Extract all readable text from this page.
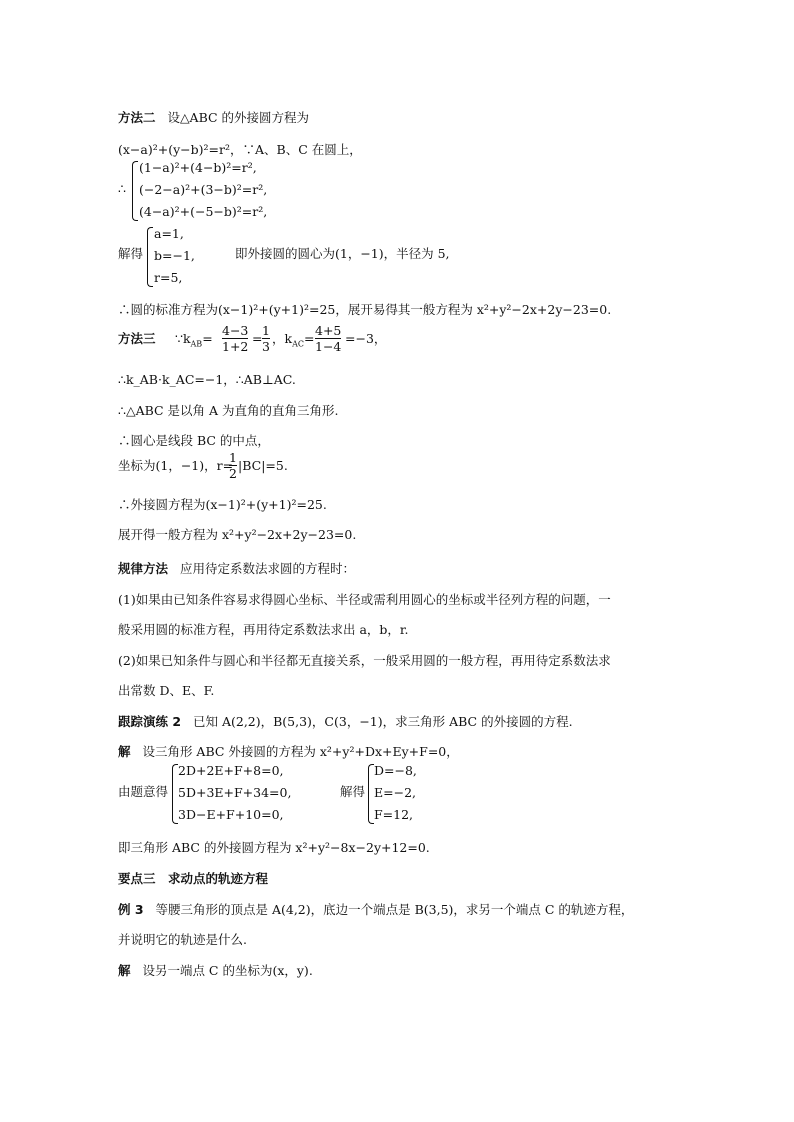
方法二 设△ABC 的外接圆方程为
(x−a)²+(y−b)²=r²，∵A、B、C 在圆上，
∴
(1−a)²+(4−b)²=r²,
(−2−a)²+(3−b)²=r²,
(4−a)²+(−5−b)²=r²,
解得
a=1,
b=−1,
r=5,
即外接圆的圆心为(1，−1)，半径为 5,
∴圆的标准方程为(x−1)²+(y+1)²=25，展开易得其一般方程为 x²+y²−2x+2y−23=0.
方法三 $\because k_{AB}=$
4−3
1+2
=
1
3
，$k_{AC}=$
4+5
1−4
=−3，
∴k_AB·k_AC=−1，∴AB⊥AC.
∴△ABC 是以角 A 为直角的直角三角形.
∴圆心是线段 BC 的中点，
坐标为(1，−1)，r=
1
2
|BC|=5.
∴外接圆方程为(x−1)²+(y+1)²=25.
展开得一般方程为 x²+y²−2x+2y−23=0.
规律方法 应用待定系数法求圆的方程时：
(1)如果由已知条件容易求得圆心坐标、半径或需利用圆心的坐标或半径列方程的问题，一
般采用圆的标准方程，再用待定系数法求出 a，b，r.
(2)如果已知条件与圆心和半径都无直接关系，一般采用圆的一般方程，再用待定系数法求
出常数 D、E、F.
跟踪演练 2 已知 A(2,2)，B(5,3)，C(3，−1)，求三角形 ABC 的外接圆的方程.
解 设三角形 ABC 外接圆的方程为 x²+y²+Dx+Ey+F=0，
由题意得
2D+2E+F+8=0,
5D+3E+F+34=0,
3D−E+F+10=0,
解得
D=−8,
E=−2,
F=12,
即三角形 ABC 的外接圆方程为 x²+y²−8x−2y+12=0.
要点三　求动点的轨迹方程
例 3 等腰三角形的顶点是 A(4,2)，底边一个端点是 B(3,5)，求另一个端点 C 的轨迹方程，
并说明它的轨迹是什么.
解 设另一端点 C 的坐标为(x，y).
